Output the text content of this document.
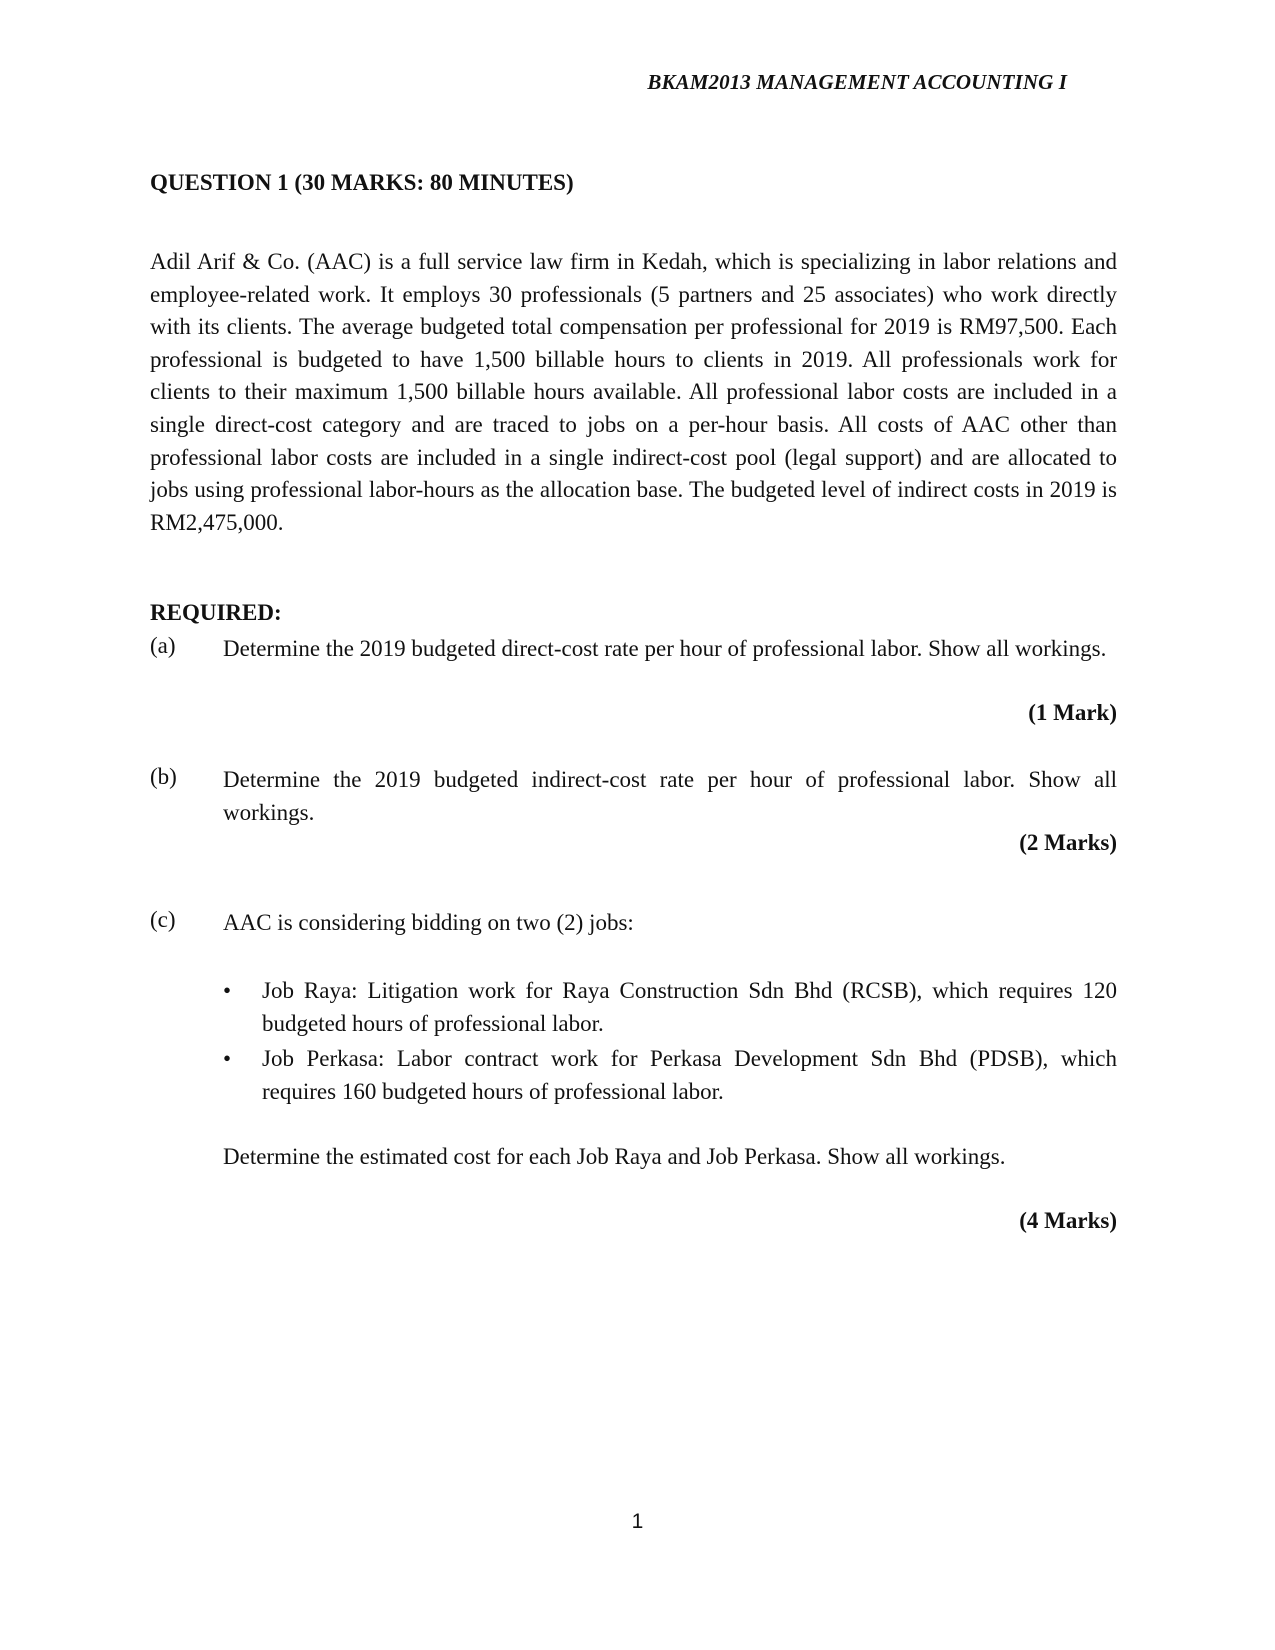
BKAM2013 MANAGEMENT ACCOUNTING I
QUESTION 1 (30 MARKS: 80 MINUTES)

Adil Arif & Co. (AAC) is a full service law firm in Kedah, which is specializing in labor relations and employee-related work. It employs 30 professionals (5 partners and 25 associates) who work directly with its clients. The average budgeted total compensation per professional for 2019 is RM97,500. Each professional is budgeted to have 1,500 billable hours to clients in 2019. All professionals work for clients to their maximum 1,500 billable hours available. All professional labor costs are included in a single direct-cost category and are traced to jobs on a per-hour basis. All costs of AAC other than professional labor costs are included in a single indirect-cost pool (legal support) and are allocated to jobs using professional labor-hours as the allocation base. The budgeted level of indirect costs in 2019 is RM2,475,000.

REQUIRED:
(a) Determine the 2019 budgeted direct-cost rate per hour of professional labor. Show all workings.

(1 Mark)
(b) Determine the 2019 budgeted indirect-cost rate per hour of professional labor. Show all workings.

(2 Marks)
(c) AAC is considering bidding on two (2) jobs:

•	Job Raya: Litigation work for Raya Construction Sdn Bhd (RCSB), which requires 120 budgeted hours of professional labor.

•	Job Perkasa: Labor contract work for Perkasa Development Sdn Bhd (PDSB), which requires 160 budgeted hours of professional labor.

Determine the estimated cost for each Job Raya and Job Perkasa. Show all workings.

(4 Marks)
1
